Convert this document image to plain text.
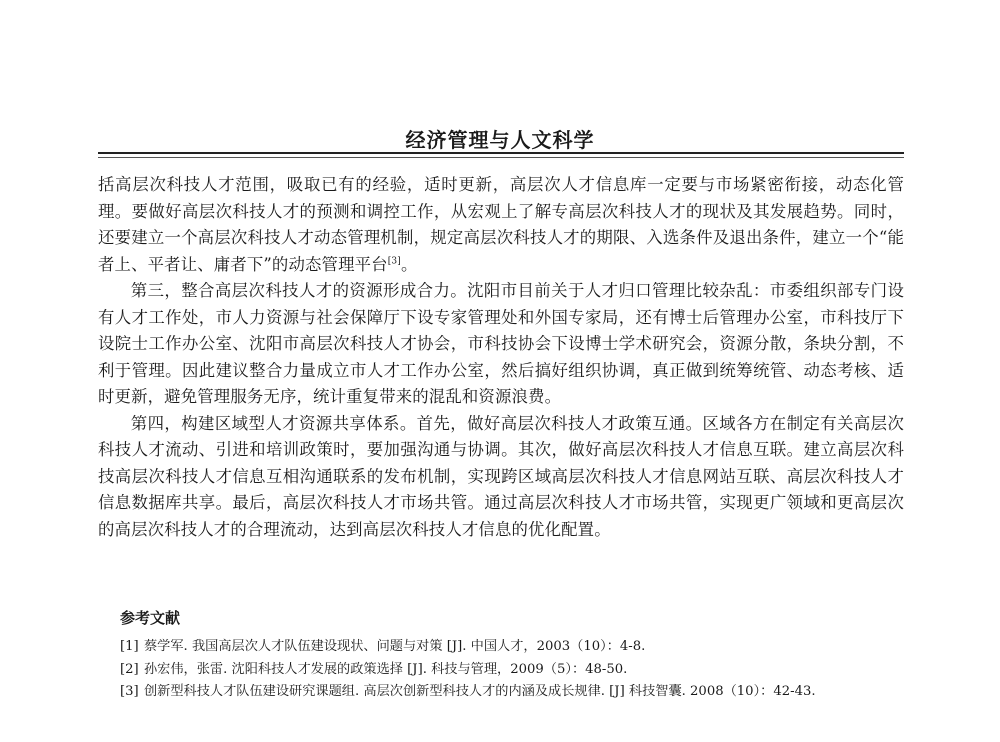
经济管理与人文科学

括高层次科技人才范围，吸取已有的经验，适时更新，高层次人才信息库一定要与市场紧密衔接，动态化管理。要做好高层次科技人才的预测和调控工作，从宏观上了解专高层次科技人才的现状及其发展趋势。同时，还要建立一个高层次科技人才动态管理机制，规定高层次科技人才的期限、入选条件及退出条件，建立一个“能者上、平者让、庸者下”的动态管理平台[3]。

第三，整合高层次科技人才的资源形成合力。沈阳市目前关于人才归口管理比较杂乱：市委组织部专门设有人才工作处，市人力资源与社会保障厅下设专家管理处和外国专家局，还有博士后管理办公室，市科技厅下设院士工作办公室、沈阳市高层次科技人才协会，市科技协会下设博士学术研究会，资源分散，条块分割，不利于管理。因此建议整合力量成立市人才工作办公室，然后搞好组织协调，真正做到统筹统管、动态考核、适时更新，避免管理服务无序，统计重复带来的混乱和资源浪费。

第四，构建区域型人才资源共享体系。首先，做好高层次科技人才政策互通。区域各方在制定有关高层次科技人才流动、引进和培训政策时，要加强沟通与协调。其次，做好高层次科技人才信息互联。建立高层次科技高层次科技人才信息互相沟通联系的发布机制，实现跨区域高层次科技人才信息网站互联、高层次科技人才信息数据库共享。最后，高层次科技人才市场共管。通过高层次科技人才市场共管，实现更广领域和更高层次的高层次科技人才的合理流动，达到高层次科技人才信息的优化配置。

参考文献
[1] 蔡学军. 我国高层次人才队伍建设现状、问题与对策 [J]. 中国人才，2003（10）：4-8.
[2] 孙宏伟，张雷. 沈阳科技人才发展的政策选择 [J]. 科技与管理，2009（5）：48-50.
[3] 创新型科技人才队伍建设研究课题组. 高层次创新型科技人才的内涵及成长规律. [J] 科技智囊. 2008（10）：42-43.
